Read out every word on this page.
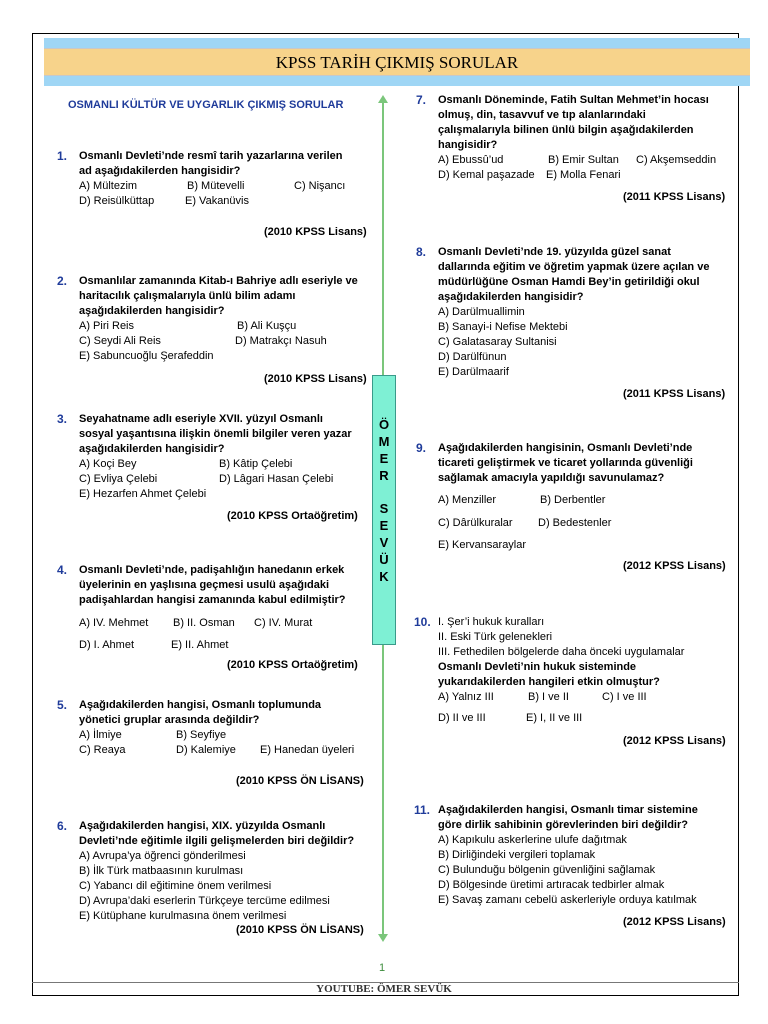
KPSS TARİH ÇIKMIŞ SORULAR
OSMANLI KÜLTÜR VE UYGARLIK ÇIKMIŞ SORULAR
Ö
M
E
R
S
E
V
Ü
K
1. Osmanlı Devleti’nde resmî tarih yazarlarına verilen
ad aşağıdakilerden hangisidir?
A) Mültezim	B) Mütevelli	C) Nişancı
D) Reisülküttap	E) Vakanüvis
(2010 KPSS Lisans)
2. Osmanlılar zamanında Kitab-ı Bahriye adlı eseriyle ve
haritacılık çalışmalarıyla ünlü bilim adamı
aşağıdakilerden hangisidir?
A) Piri Reis	B) Ali Kuşçu
C) Seydi Ali Reis	D) Matrakçı Nasuh
E) Sabuncuoğlu Şerafeddin
(2010 KPSS Lisans)
3. Seyahatname adlı eseriyle XVII. yüzyıl Osmanlı
sosyal yaşantısına ilişkin önemli bilgiler veren yazar
aşağıdakilerden hangisidir?
A) Koçi Bey	B) Kâtip Çelebi
C) Evliya Çelebi	D) Lâgari Hasan Çelebi
E) Hezarfen Ahmet Çelebi
(2010 KPSS Ortaöğretim)
4. Osmanlı Devleti’nde, padişahlığın hanedanın erkek
üyelerinin en yaşlısına geçmesi usulü aşağıdaki
padişahlardan hangisi zamanında kabul edilmiştir?
A) IV. Mehmet B) II. Osman C) IV. Murat
D) I. Ahmet	E) II. Ahmet
(2010 KPSS Ortaöğretim)
5. Aşağıdakilerden hangisi, Osmanlı toplumunda
yönetici gruplar arasında değildir?
A) İlmiye	B) Seyfiye
C) Reaya	D) Kalemiye E) Hanedan üyeleri
(2010 KPSS ÖN LİSANS)
6. Aşağıdakilerden hangisi, XIX. yüzyılda Osmanlı
Devleti’nde eğitimle ilgili gelişmelerden biri değildir?
A) Avrupa’ya öğrenci gönderilmesi
B) İlk Türk matbaasının kurulması
C) Yabancı dil eğitimine önem verilmesi
D) Avrupa’daki eserlerin Türkçeye tercüme edilmesi
E) Kütüphane kurulmasına önem verilmesi
(2010 KPSS ÖN LİSANS)
7. Osmanlı Döneminde, Fatih Sultan Mehmet’in hocası
olmuş, din, tasavvuf ve tıp alanlarındaki
çalışmalarıyla bilinen ünlü bilgin aşağıdakilerden
hangisidir?
A) Ebussû’ud	B) Emir Sultan C) Akşemseddin
D) Kemal paşazade E) Molla Fenari
(2011 KPSS Lisans)
8. Osmanlı Devleti’nde 19. yüzyılda güzel sanat
dallarında eğitim ve öğretim yapmak üzere açılan ve
müdürlüğüne Osman Hamdi Bey’in getirildiği okul
aşağıdakilerden hangisidir?
A) Darülmuallimin
B) Sanayi-i Nefise Mektebi
C) Galatasaray Sultanisi
D) Darülfünun
E) Darülmaarif
(2011 KPSS Lisans)
9. Aşağıdakilerden hangisinin, Osmanlı Devleti’nde
ticareti geliştirmek ve ticaret yollarında güvenliği
sağlamak amacıyla yapıldığı savunulamaz?
A) Menziller	B) Derbentler
C) Dârülkuralar D) Bedestenler
E) Kervansaraylar
(2012 KPSS Lisans)
10. I. Şer’i hukuk kuralları
II. Eski Türk gelenekleri
III. Fethedilen bölgelerde daha önceki uygulamalar
Osmanlı Devleti’nin hukuk sisteminde
yukarıdakilerden hangileri etkin olmuştur?
A) Yalnız III	B) I ve II	C) I ve III
D) II ve III	E) I, II ve III
(2012 KPSS Lisans)
11. Aşağıdakilerden hangisi, Osmanlı timar sistemine
göre dirlik sahibinin görevlerinden biri değildir?
A) Kapıkulu askerlerine ulufe dağıtmak
B) Dirliğindeki vergileri toplamak
C) Bulunduğu bölgenin güvenliğini sağlamak
D) Bölgesinde üretimi artıracak tedbirler almak
E) Savaş zamanı cebelü askerleriyle orduya katılmak
(2012 KPSS Lisans)
1
YOUTUBE: ÖMER SEVÜK
